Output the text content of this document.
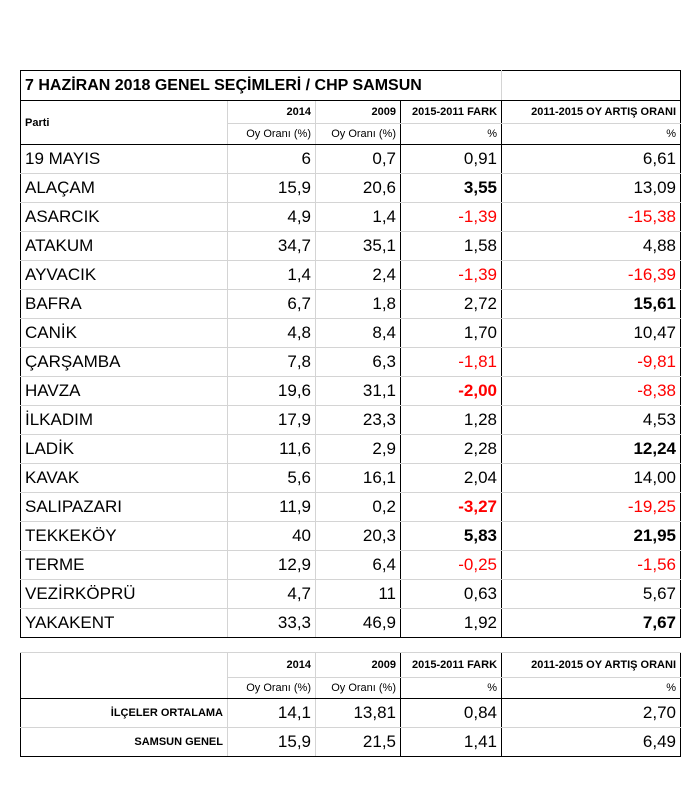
7 HAZİRAN 2018 GENEL SEÇİMLERİ / CHP SAMSUN				
Parti	2014	2009	2015-2011 FARK	2011-2015 OY ARTIŞ ORANI
	Oy Oranı (%)	Oy Oranı (%)	%	%
19 MAYIS	6	0,7	0,91	6,61
ALAÇAM	15,9	20,6	3,55	13,09
ASARCIK	4,9	1,4	-1,39	-15,38
ATAKUM	34,7	35,1	1,58	4,88
AYVACIK	1,4	2,4	-1,39	-16,39
BAFRA	6,7	1,8	2,72	15,61
CANİK	4,8	8,4	1,70	10,47
ÇARŞAMBA	7,8	6,3	-1,81	-9,81
HAVZA	19,6	31,1	-2,00	-8,38
İLKADIM	17,9	23,3	1,28	4,53
LADİK	11,6	2,9	2,28	12,24
KAVAK	5,6	16,1	2,04	14,00
SALIPAZARI	11,9	0,2	-3,27	-19,25
TEKKEKÖY	40	20,3	5,83	21,95
TERME	12,9	6,4	-0,25	-1,56
VEZİRKÖPRÜ	4,7	11	0,63	5,67
YAKAKENT	33,3	46,9	1,92	7,67

	2014	2009	2015-2011 FARK	2011-2015 OY ARTIŞ ORANI
	Oy Oranı (%)	Oy Oranı (%)	%	%
İLÇELER ORTALAMA	14,1	13,81	0,84	2,70
SAMSUN GENEL	15,9	21,5	1,41	6,49
